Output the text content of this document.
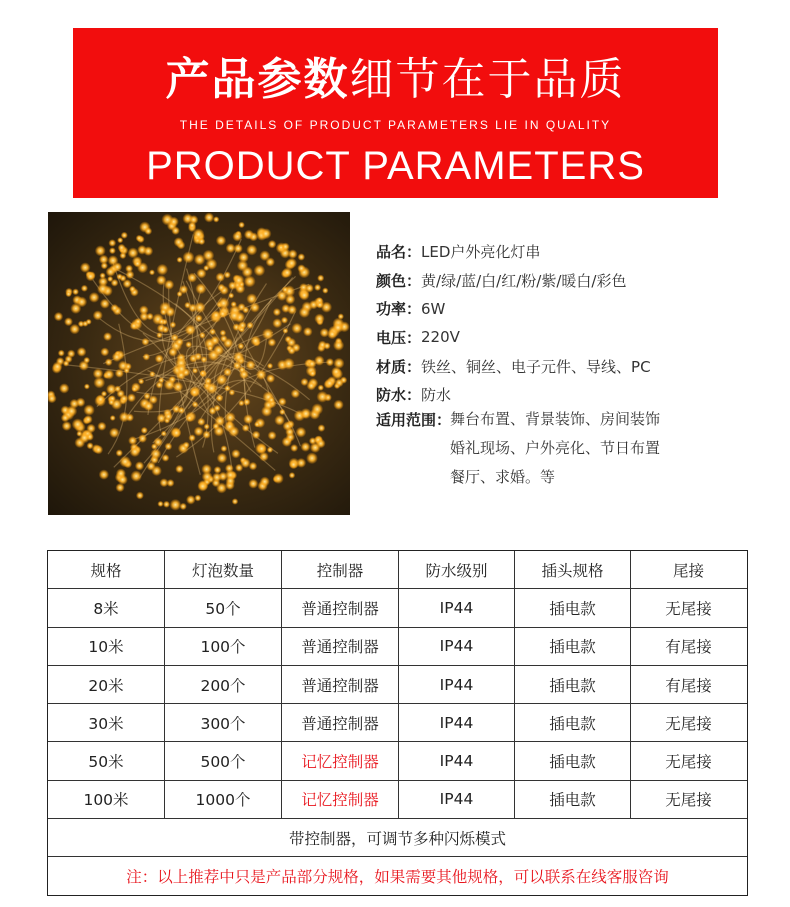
产品参数细节在于品质
THE DETAILS OF PRODUCT PARAMETERS LIE IN QUALITY
PRODUCT PARAMETERS
品名： LED户外亮化灯串
颜色： 黄/绿/蓝/白/红/粉/紫/暖白/彩色
功率： 6W
电压： 220V
材质： 铁丝、铜丝、电子元件、导线、PC
防水： 防水
适用范围：
舞台布置、背景装饰、房间装饰
婚礼现场、户外亮化、节日布置
餐厅、求婚。等
规格	灯泡数量	控制器	防水级别	插头规格	尾接
8米	50个	普通控制器	IP44	插电款	无尾接
10米	100个	普通控制器	IP44	插电款	有尾接
20米	200个	普通控制器	IP44	插电款	有尾接
30米	300个	普通控制器	IP44	插电款	无尾接
50米	500个	记忆控制器	IP44	插电款	无尾接
100米	1000个	记忆控制器	IP44	插电款	无尾接
带控制器，可调节多种闪烁模式
注：以上推荐中只是产品部分规格，如果需要其他规格，可以联系在线客服咨询
